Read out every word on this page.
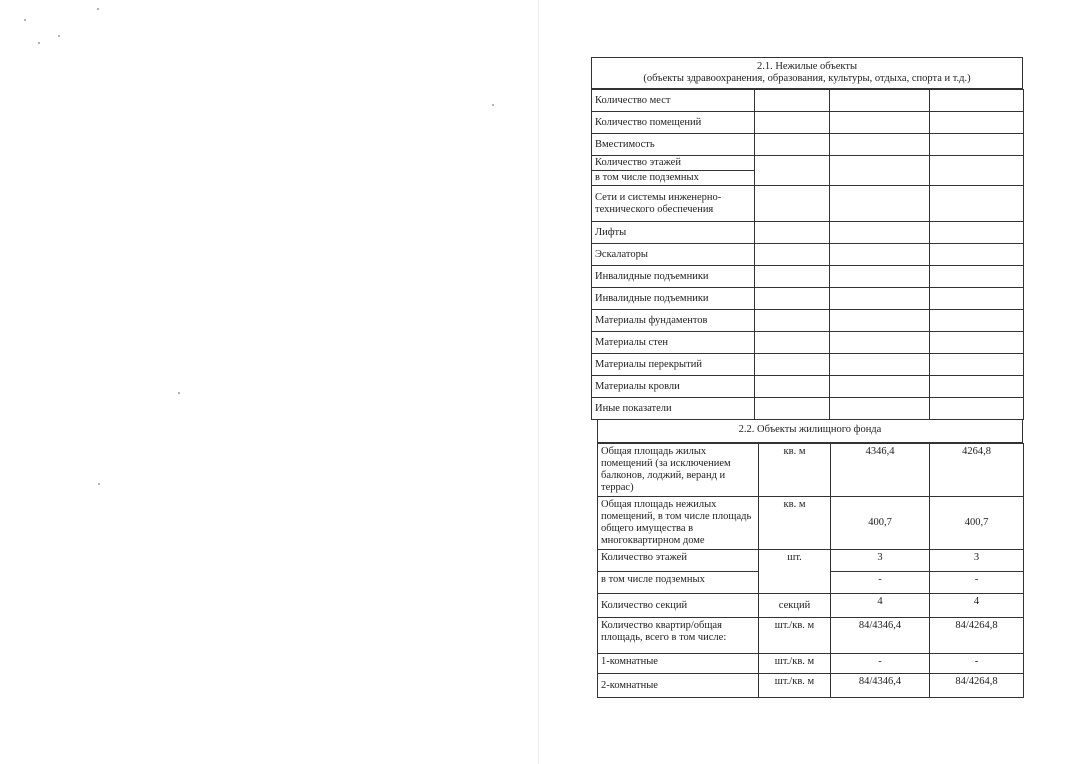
2.1. Нежилые объекты
(объекты здравоохранения, образования, культуры, отдыха, спорта и т.д.)
Количество мест			
Количество помещений			
Вместимость			
Количество этажей			
в том числе подземных			
Сети и системы инженерно-технического обеспечения			
Лифты			
Эскалаторы			
Инвалидные подъемники			
Инвалидные подъемники			
Материалы фундаментов			
Материалы стен			
Материалы перекрытий			
Материалы кровли			
Иные показатели			
2.2. Объекты жилищного фонда
Общая площадь жилых помещений (за исключением балконов, лоджий, веранд и террас)	кв. м	4346,4	4264,8
Общая площадь нежилых помещений, в том числе площадь общего имущества в многоквартирном доме	кв. м	400,7	400,7
Количество этажей	шт.	3	3
в том числе подземных		-	-
Количество секций	секций	4	4
Количество квартир/общая площадь, всего в том числе:	шт./кв. м	84/4346,4	84/4264,8
1-комнатные	шт./кв. м	-	-
2-комнатные	шт./кв. м	84/4346,4	84/4264,8
